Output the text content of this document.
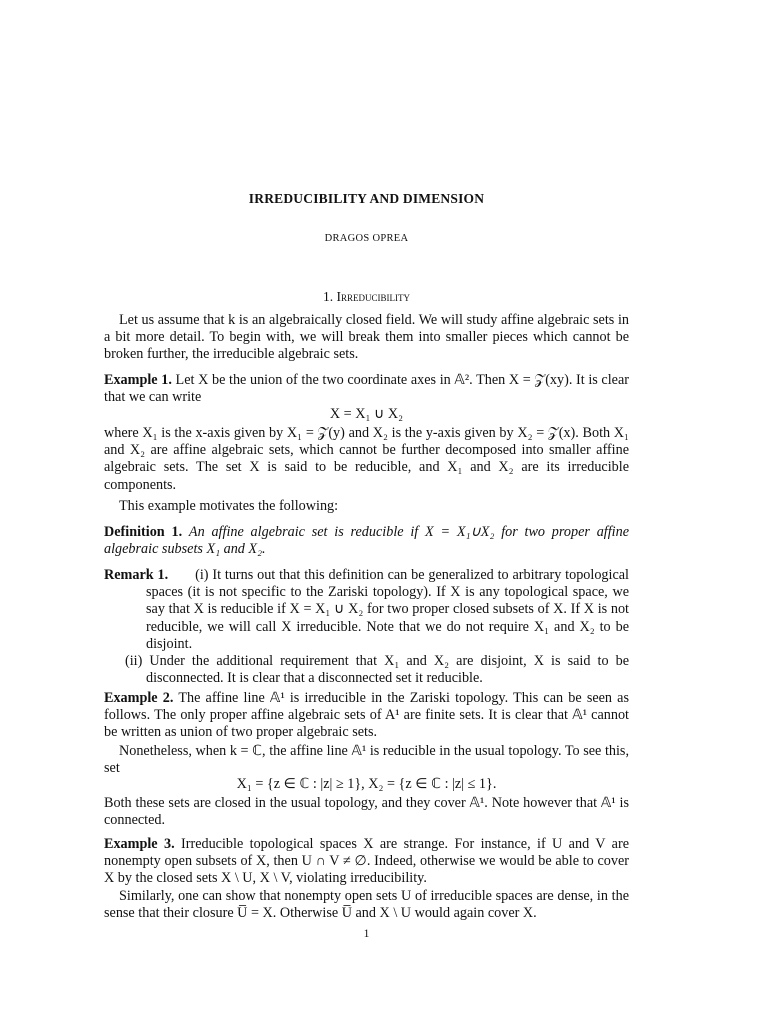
IRREDUCIBILITY AND DIMENSION
DRAGOS OPREA
1. Irreducibility

Let us assume that k is an algebraically closed field. We will study affine algebraic sets in a bit more detail. To begin with, we will break them into smaller pieces which cannot be broken further, the irreducible algebraic sets.

Example 1. Let X be the union of the two coordinate axes in 𝔸². Then X = 𝒵(xy). It is clear that we can write

X = X₁ ∪ X₂

where X₁ is the x-axis given by X₁ = 𝒵(y) and X₂ is the y-axis given by X₂ = 𝒵(x). Both X₁ and X₂ are affine algebraic sets, which cannot be further decomposed into smaller affine algebraic sets. The set X is said to be reducible, and X₁ and X₂ are its irreducible components.

This example motivates the following:

Definition 1. An affine algebraic set is reducible if X = X₁∪X₂ for two proper affine algebraic subsets X₁ and X₂.

Remark 1. (i) It turns out that this definition can be generalized to arbitrary topological spaces (it is not specific to the Zariski topology). If X is any topological space, we say that X is reducible if X = X₁ ∪ X₂ for two proper closed subsets of X. If X is not reducible, we will call X irreducible. Note that we do not require X₁ and X₂ to be disjoint.
(ii) Under the additional requirement that X₁ and X₂ are disjoint, X is said to be disconnected. It is clear that a disconnected set it reducible.

Example 2. The affine line 𝔸¹ is irreducible in the Zariski topology. This can be seen as follows. The only proper affine algebraic sets of A¹ are finite sets. It is clear that 𝔸¹ cannot be written as union of two proper algebraic sets.

Nonetheless, when k = ℂ, the affine line 𝔸¹ is reducible in the usual topology. To see this, set

X₁ = {z ∈ ℂ : |z| ≥ 1}, X₂ = {z ∈ ℂ : |z| ≤ 1}.

Both these sets are closed in the usual topology, and they cover 𝔸¹. Note however that 𝔸¹ is connected.

Example 3. Irreducible topological spaces X are strange. For instance, if U and V are nonempty open subsets of X, then U ∩ V ≠ ∅. Indeed, otherwise we would be able to cover X by the closed sets X \ U, X \ V, violating irreducibility.

Similarly, one can show that nonempty open sets U of irreducible spaces are dense, in the sense that their closure U̅ = X. Otherwise U̅ and X \ U would again cover X.

1
